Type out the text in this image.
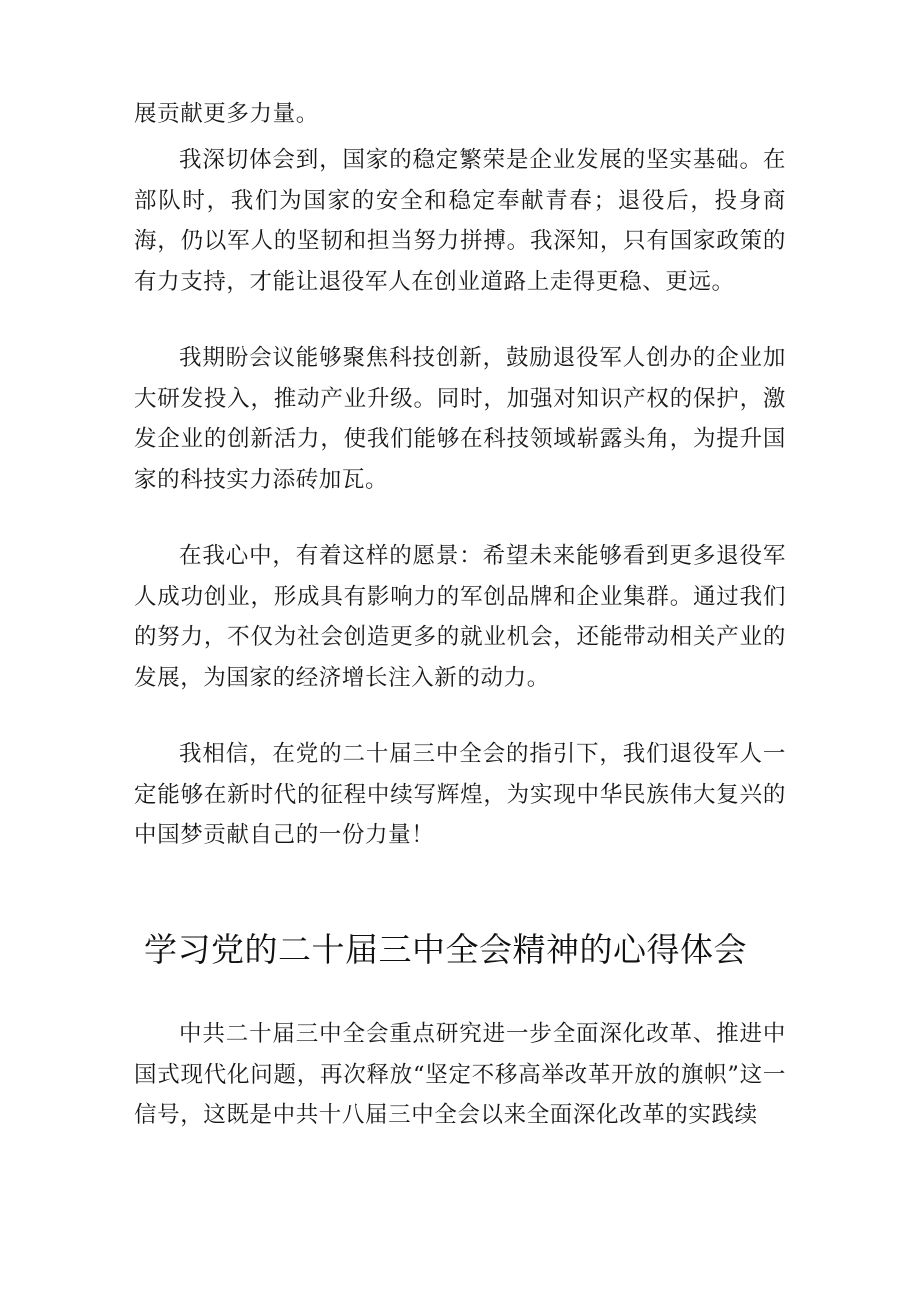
展贡献更多力量。

我深切体会到，国家的稳定繁荣是企业发展的坚实基础。在部队时，我们为国家的安全和稳定奉献青春；退役后，投身商海，仍以军人的坚韧和担当努力拼搏。我深知，只有国家政策的有力支持，才能让退役军人在创业道路上走得更稳、更远。

我期盼会议能够聚焦科技创新，鼓励退役军人创办的企业加大研发投入，推动产业升级。同时，加强对知识产权的保护，激发企业的创新活力，使我们能够在科技领域崭露头角，为提升国家的科技实力添砖加瓦。

在我心中，有着这样的愿景：希望未来能够看到更多退役军人成功创业，形成具有影响力的军创品牌和企业集群。通过我们的努力，不仅为社会创造更多的就业机会，还能带动相关产业的发展，为国家的经济增长注入新的动力。

我相信，在党的二十届三中全会的指引下，我们退役军人一定能够在新时代的征程中续写辉煌，为实现中华民族伟大复兴的中国梦贡献自己的一份力量！

学习党的二十届三中全会精神的心得体会

中共二十届三中全会重点研究进一步全面深化改革、推进中国式现代化问题，再次释放“坚定不移高举改革开放的旗帜”这一信号，这既是中共十八届三中全会以来全面深化改革的实践续
